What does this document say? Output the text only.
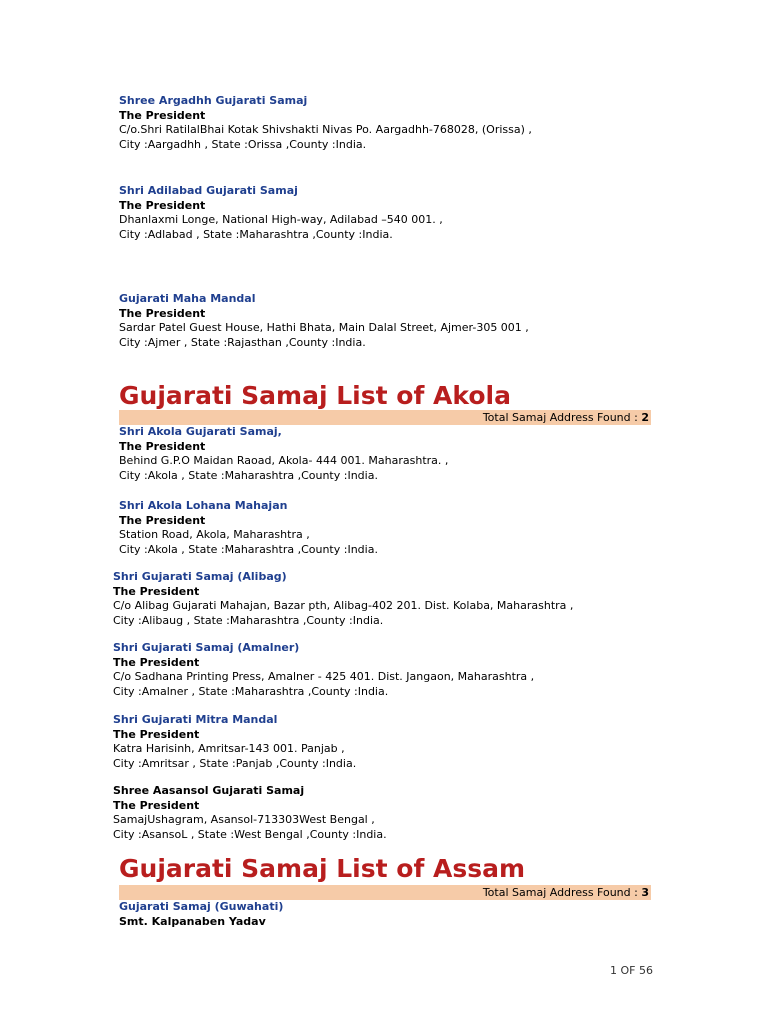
Shree Argadhh Gujarati Samaj
The President
C/o.Shri RatilalBhai Kotak Shivshakti Nivas Po. Aargadhh-768028, (Orissa) ,
City :Aargadhh , State :Orissa ,County :India.
Shri Adilabad Gujarati Samaj
The President
Dhanlaxmi Longe, National High-way, Adilabad –540 001. ,
City :Adlabad , State :Maharashtra ,County :India.
Gujarati Maha Mandal
The President
Sardar Patel Guest House, Hathi Bhata, Main Dalal Street, Ajmer-305 001 ,
City :Ajmer , State :Rajasthan ,County :India.
Gujarati Samaj List of Akola
Total Samaj Address Found : 2
Shri Akola Gujarati Samaj,
The President
Behind G.P.O Maidan Raoad, Akola- 444 001. Maharashtra. ,
City :Akola , State :Maharashtra ,County :India.
Shri Akola Lohana Mahajan
The President
Station Road, Akola, Maharashtra ,
City :Akola , State :Maharashtra ,County :India.
Shri Gujarati Samaj (Alibag)
The President
C/o Alibag Gujarati Mahajan, Bazar pth, Alibag-402 201. Dist. Kolaba, Maharashtra ,
City :Alibaug , State :Maharashtra ,County :India.
Shri Gujarati Samaj (Amalner)
The President
C/o Sadhana Printing Press, Amalner - 425 401. Dist. Jangaon, Maharashtra ,
City :Amalner , State :Maharashtra ,County :India.
Shri Gujarati Mitra Mandal
The President
Katra Harisinh, Amritsar-143 001. Panjab ,
City :Amritsar , State :Panjab ,County :India.
Shree Aasansol Gujarati Samaj
The President
SamajUshagram, Asansol-713303West Bengal ,
City :AsansoL , State :West Bengal ,County :India.
Gujarati Samaj List of Assam
Total Samaj Address Found : 3
Gujarati Samaj (Guwahati)
Smt. Kalpanaben Yadav
1 OF 56
